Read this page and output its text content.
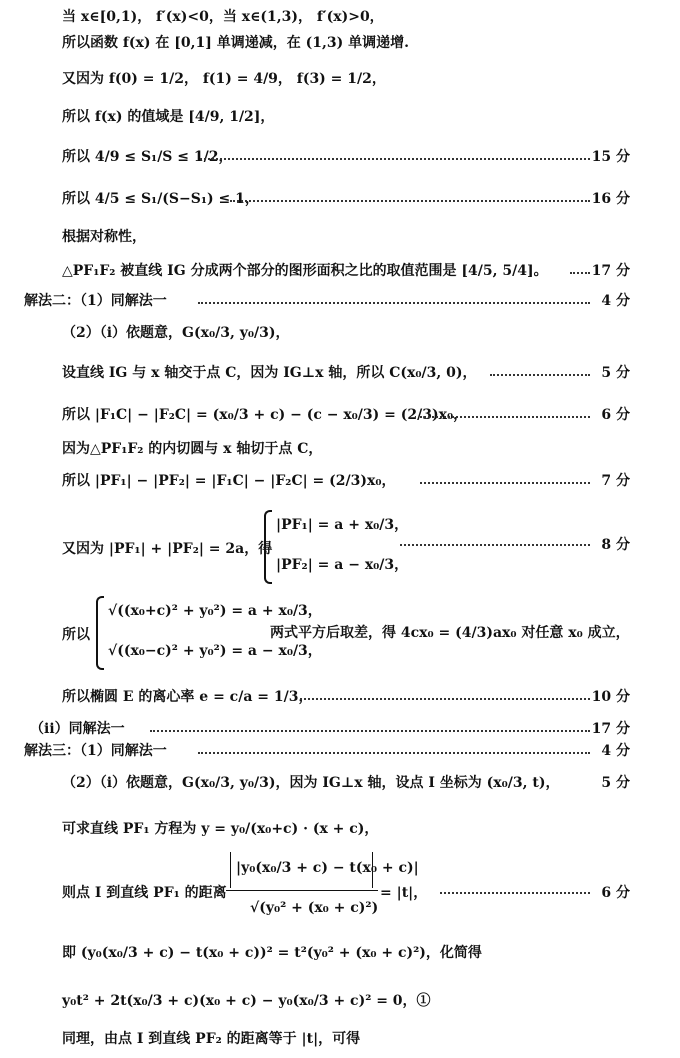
当 x∈[0,1)， f′(x)<0，当 x∈(1,3)， f′(x)>0，
所以函数 f(x) 在 [0,1] 单调递减，在 (1,3) 单调递增.
又因为 f(0) = 1/2， f(1) = 4/9， f(3) = 1/2，
所以 f(x) 的值域是 [4/9, 1/2]，
所以 4/9 ≤ S₁/S ≤ 1/2，	15 分
所以 4/5 ≤ S₁/(S−S₁) ≤ 1，	16 分
根据对称性，
△PF₁F₂ 被直线 IG 分成两个部分的图形面积之比的取值范围是 [4/5, 5/4]。	17 分
解法二：（1）同解法一	4 分
（2）（ⅰ）依题意，G(x₀/3, y₀/3)，
设直线 IG 与 x 轴交于点 C，因为 IG⊥x 轴，所以 C(x₀/3, 0)，	5 分
所以 |F₁C| − |F₂C| = (x₀/3 + c) − (c − x₀/3) = (2/3)x₀，	6 分
因为△PF₁F₂ 的内切圆与 x 轴切于点 C，
所以 |PF₁| − |PF₂| = |F₁C| − |F₂C| = (2/3)x₀，	7 分
又因为 |PF₁| + |PF₂| = 2a，得
|PF₁| = a + x₀/3，
|PF₂| = a − x₀/3，
8 分
所以
√((x₀+c)² + y₀²) = a + x₀/3，
√((x₀−c)² + y₀²) = a − x₀/3，
两式平方后取差，得 4cx₀ = (4/3)ax₀ 对任意 x₀ 成立，
所以椭圆 E 的离心率 e = c/a = 1/3，	10 分
（ⅱ）同解法一	17 分
解法三：（1）同解法一	4 分
（2）（ⅰ）依题意，G(x₀/3, y₀/3)，因为 IG⊥x 轴，设点 I 坐标为 (x₀/3, t)，	5 分
可求直线 PF₁ 方程为 y = y₀/(x₀+c) · (x + c)，
则点 I 到直线 PF₁ 的距离
|y₀(x₀/3 + c) − t(x₀ + c)|
√(y₀² + (x₀ + c)²)
= |t|，	6 分
即 (y₀(x₀/3 + c) − t(x₀ + c))² = t²(y₀² + (x₀ + c)²)，化简得
y₀t² + 2t(x₀/3 + c)(x₀ + c) − y₀(x₀/3 + c)² = 0，①
同理，由点 I 到直线 PF₂ 的距离等于 |t|，可得
